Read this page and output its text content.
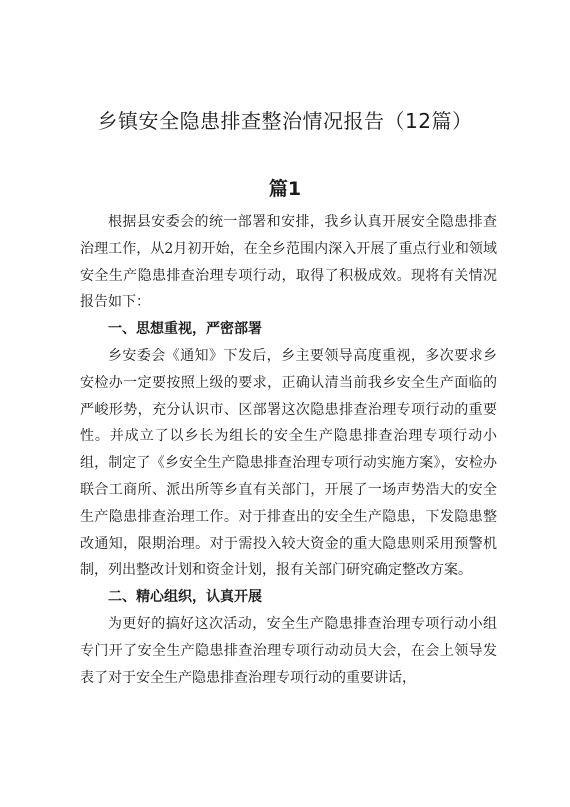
乡镇安全隐患排查整治情况报告（12篇）
篇1

根据县安委会的统一部署和安排，我乡认真开展安全隐患排查治理工作，从2月初开始，在全乡范围内深入开展了重点行业和领域安全生产隐患排查治理专项行动，取得了积极成效。现将有关情况报告如下：

一、思想重视，严密部署

乡安委会《通知》下发后，乡主要领导高度重视，多次要求乡安检办一定要按照上级的要求，正确认清当前我乡安全生产面临的严峻形势，充分认识市、区部署这次隐患排查治理专项行动的重要性。并成立了以乡长为组长的安全生产隐患排查治理专项行动小组，制定了《乡安全生产隐患排查治理专项行动实施方案》，安检办联合工商所、派出所等乡直有关部门，开展了一场声势浩大的安全生产隐患排查治理工作。对于排查出的安全生产隐患，下发隐患整改通知，限期治理。对于需投入较大资金的重大隐患则采用预警机制，列出整改计划和资金计划，报有关部门研究确定整改方案。

二、精心组织，认真开展

为更好的搞好这次活动，安全生产隐患排查治理专项行动小组专门开了安全生产隐患排查治理专项行动动员大会，在会上领导发表了对于安全生产隐患排查治理专项行动的重要讲话，
